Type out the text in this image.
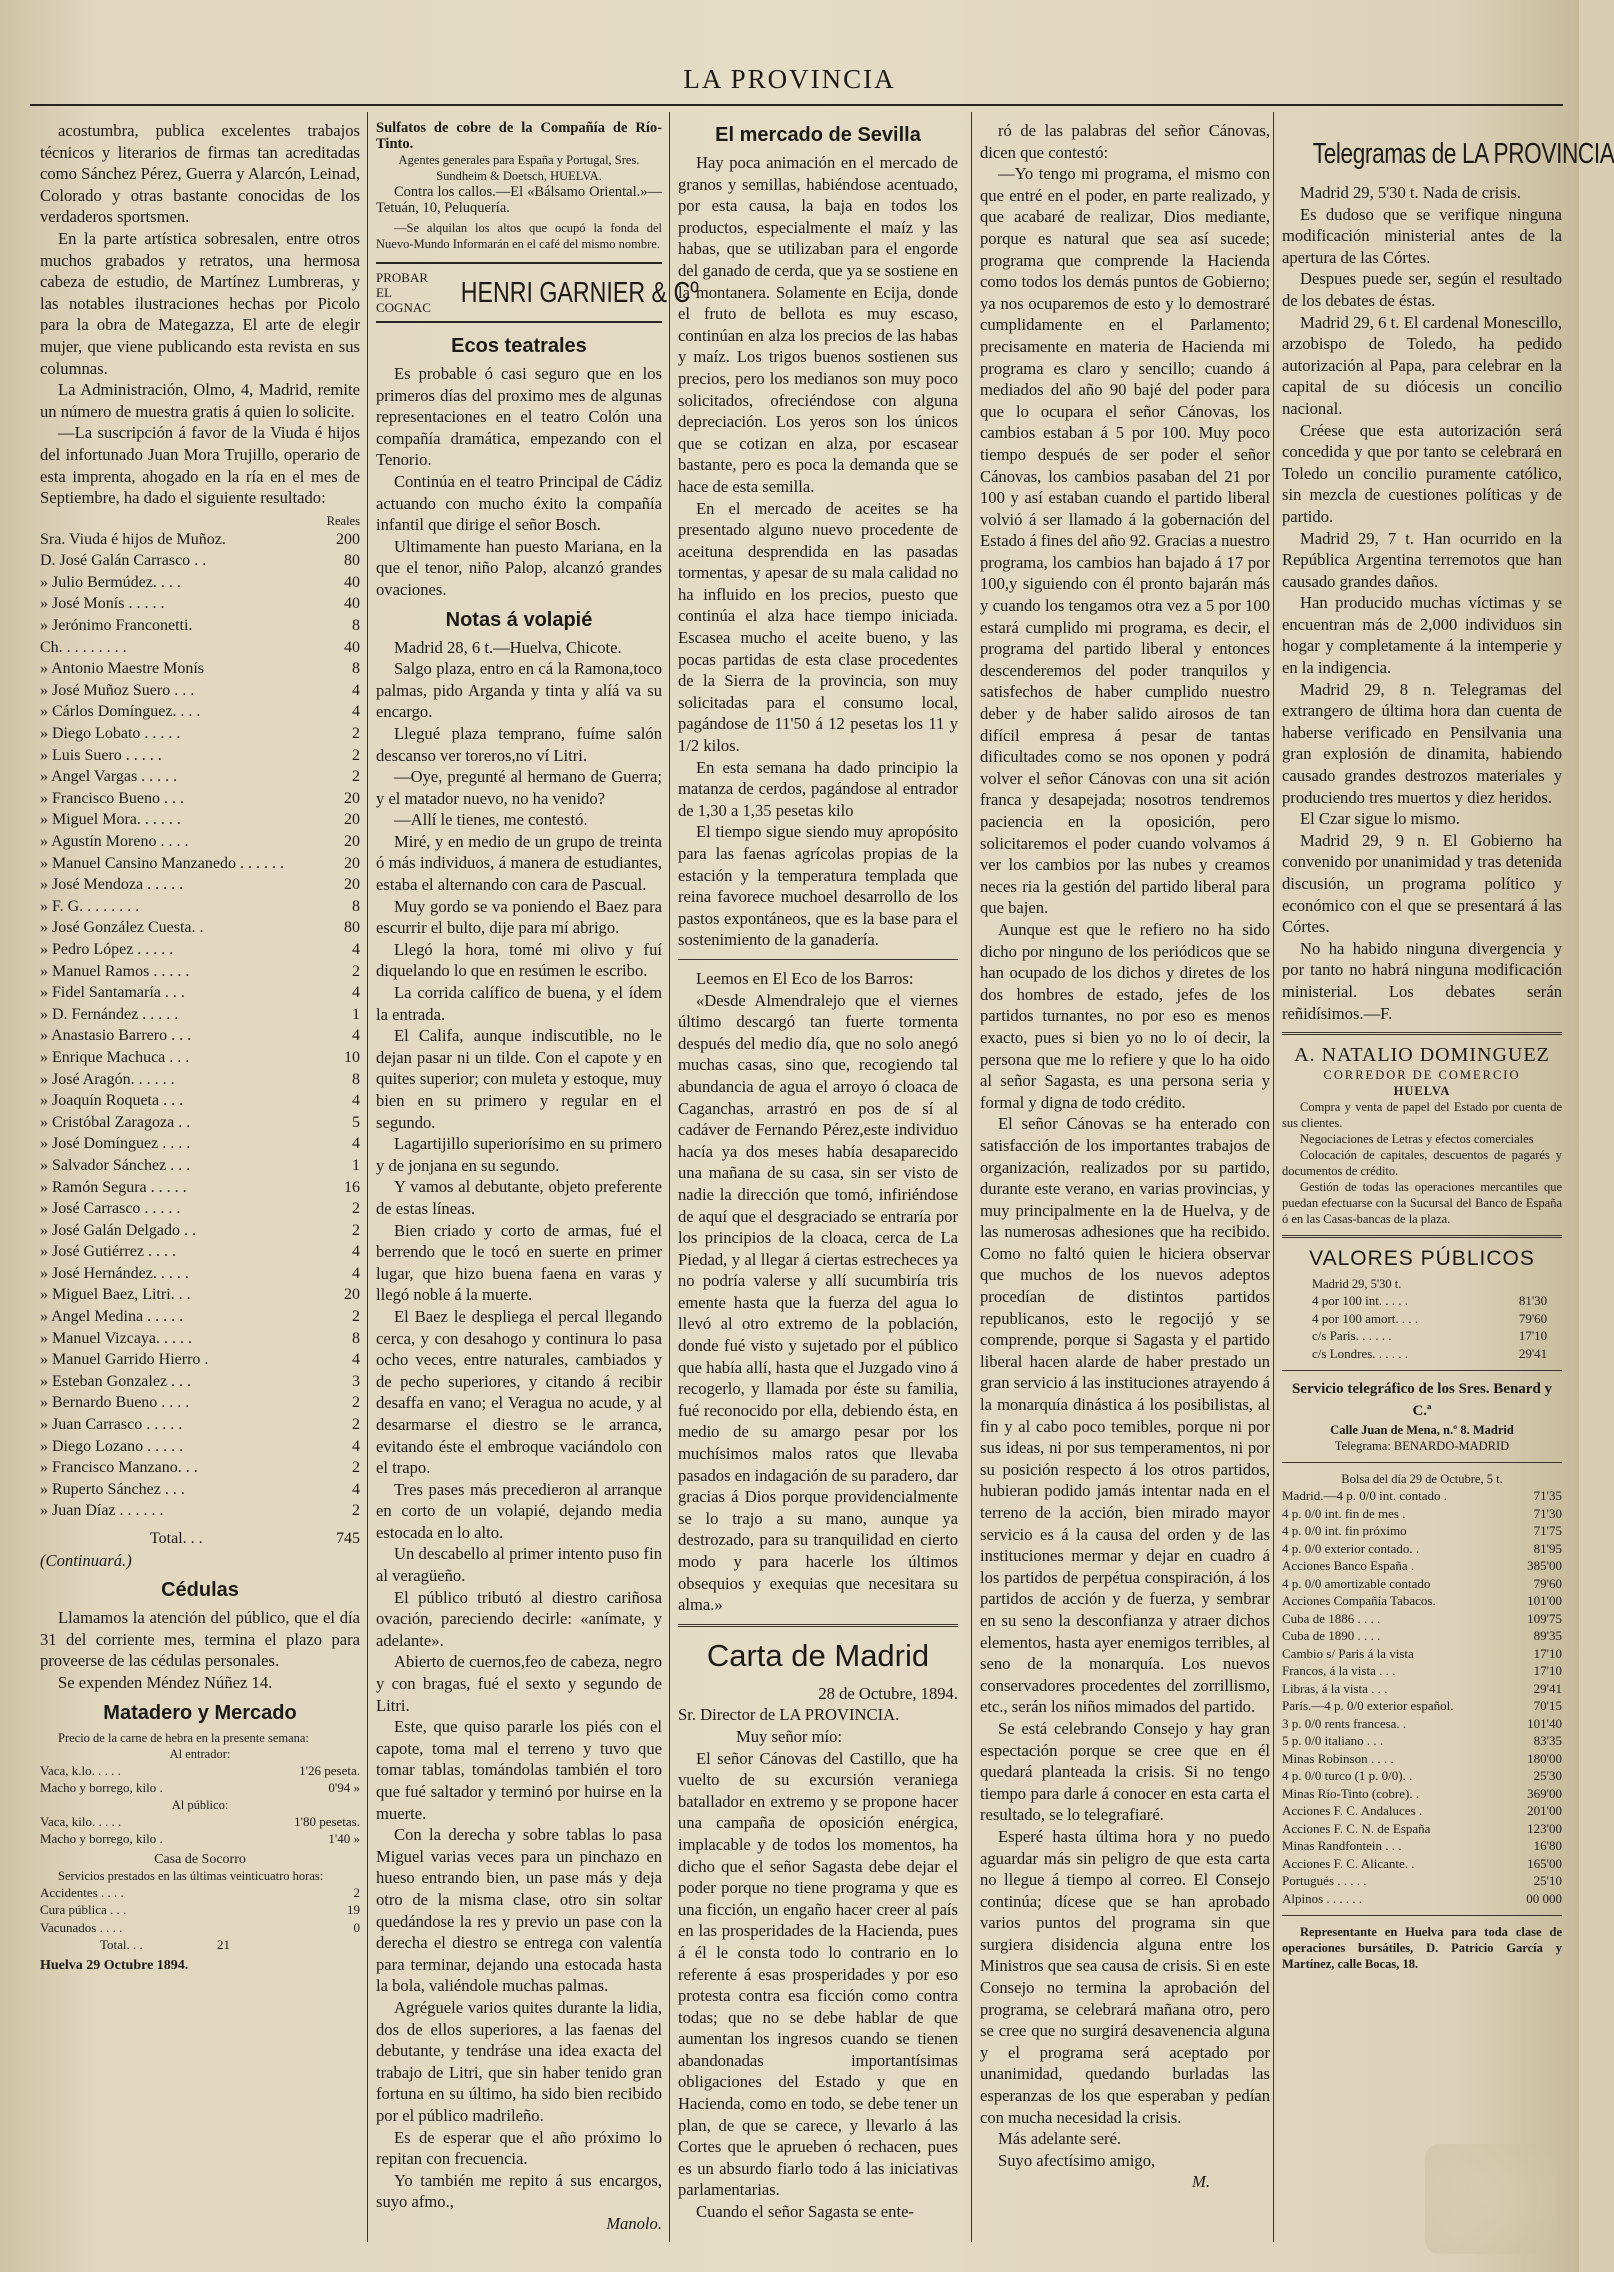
LA PROVINCIA

acostumbra, publica excelentes trabajos técnicos y literarios de firmas tan acreditadas como Sánchez Pérez, Guerra y Alarcón, Leinad, Colorado y otras bastante conocidas de los verdaderos sportsmen.

En la parte artística sobresalen, entre otros muchos grabados y retratos, una hermosa cabeza de estudio, de Martínez Lumbreras, y las notables ilustraciones hechas por Picolo para la obra de Mategazza, El arte de elegir mujer, que viene publicando esta revista en sus columnas.

La Administración, Olmo, 4, Madrid, remite un número de muestra gratis á quien lo solicite.

—La suscripción á favor de la Viuda é hijos del infortunado Juan Mora Trujillo, operario de esta imprenta, ahogado en la ría en el mes de Septiembre, ha dado el siguiente resultado:

Reales
Sra. Viuda é hijos de Muñoz.	200
D. José Galán Carrasco . .	80
» Julio Bermúdez. . . .	40
» José Monís . . . . .	40
» Jerónimo Franconetti.	8
Ch. . . . . . . . .	40
» Antonio Maestre Monís	8
» José Muñoz Suero . . .	4
» Cárlos Domínguez. . . .	4
» Diego Lobato . . . . .	2
» Luis Suero . . . . .	2
» Angel Vargas . . . . .	2
» Francisco Bueno . . .	20
» Miguel Mora. . . . . .	20
» Agustín Moreno . . . .	20
» Manuel Cansino Manzanedo . . . . . .	20
» José Mendoza . . . . .	20
» F. G. . . . . . . .	8
» José González Cuesta. .	80
» Pedro López . . . . .	4
» Manuel Ramos . . . . .	2
» Fidel Santamaría . . .	4
» D. Fernández . . . . .	1
» Anastasio Barrero . . .	4
» Enrique Machuca . . .	10
» José Aragón. . . . . .	8
» Joaquín Roqueta . . .	4
» Cristóbal Zaragoza . .	5
» José Domínguez . . . .	4
» Salvador Sánchez . . .	1
» Ramón Segura . . . . .	16
» José Carrasco . . . . .	2
» José Galán Delgado . .	2
» José Gutiérrez . . . .	4
» José Hernández. . . . .	4
» Miguel Baez, Litri. . .	20
» Angel Medina . . . . .	2
» Manuel Vizcaya. . . . .	8
» Manuel Garrido Hierro .	4
» Esteban Gonzalez . . .	3
» Bernardo Bueno . . . .	2
» Juan Carrasco . . . . .	2
» Diego Lozano . . . . .	4
» Francisco Manzano. . .	2
» Ruperto Sánchez . . .	4
» Juan Díaz . . . . . .	2
Total. . .	745

(Continuará.)

Cédulas

Llamamos la atención del público, que el día 31 del corriente mes, termina el plazo para proveerse de las cédulas personales.

Se expenden Méndez Núñez 14.

Matadero y Mercado

Precio de la carne de hebra en la presente semana:

Al entrador:
Vaca, k.lo. . . . .	1'26 peseta.
Macho y borrego, kilo .	0'94 »
Al público:
Vaca, kilo. . . . .	1'80 pesetas.
Macho y borrego, kilo .	1'40 »
Casa de Socorro

Servicios prestados en las últimas veinticuatro horas:

Accidentes . . . .	2
Cura pública . . .	19
Vacunados . . . .	0
Total. . .	21
Huelva 29 Octubre 1894.

Sulfatos de cobre de la Compañía de Río-Tinto.

Agentes generales para España y Portugal, Sres. Sundheim & Doetsch, HUELVA.

Contra los callos.—El «Bálsamo Oriental.»—Tetuán, 10, Peluquería.

—Se alquilan los altos que ocupó la fonda del Nuevo-Mundo Informarán en el café del mismo nombre.

PROBAR
EL
COGNAC HENRI GARNIER & Cº
Ecos teatrales

Es probable ó casi seguro que en los primeros días del proximo mes de algunas representaciones en el teatro Colón una compañía dramática, empezando con el Tenorio.

Continúa en el teatro Principal de Cádiz actuando con mucho éxito la compañía infantil que dirige el señor Bosch.

Ultimamente han puesto Mariana, en la que el tenor, niño Palop, alcanzó grandes ovaciones.

Notas á volapié

Madrid 28, 6 t.—Huelva, Chicote.

Salgo plaza, entro en cá la Ramona,toco palmas, pido Arganda y tinta y alíá va su encargo.

Llegué plaza temprano, fuíme salón descanso ver toreros,no ví Litri.

—Oye, pregunté al hermano de Guerra; y el matador nuevo, no ha venido?

—Allí le tienes, me contestó.

Miré, y en medio de un grupo de treinta ó más individuos, á manera de estudiantes, estaba el alternando con cara de Pascual.

Muy gordo se va poniendo el Baez para escurrir el bulto, dije para mí abrigo.

Llegó la hora, tomé mi olivo y fuí diquelando lo que en resúmen le escribo.

La corrida calífico de buena, y el ídem la entrada.

El Califa, aunque indiscutible, no le dejan pasar ni un tilde. Con el capote y en quites superior; con muleta y estoque, muy bien en su primero y regular en el segundo.

Lagartijillo superiorísimo en su primero y de jonjana en su segundo.

Y vamos al debutante, objeto preferente de estas líneas.

Bien criado y corto de armas, fué el berrendo que le tocó en suerte en primer lugar, que hizo buena faena en varas y llegó noble á la muerte.

El Baez le despliega el percal llegando cerca, y con desahogo y continura lo pasa ocho veces, entre naturales, cambiados y de pecho superiores, y citando á recibir desaffa en vano; el Veragua no acude, y al desarmarse el diestro se le arranca, evitando éste el embroque vaciándolo con el trapo.

Tres pases más precedieron al arranque en corto de un volapié, dejando media estocada en lo alto.

Un descabello al primer intento puso fin al veragüeño.

El público tributó al diestro cariñosa ovación, pareciendo decirle: «anímate, y adelante».

Abierto de cuernos,feo de cabeza, negro y con bragas, fué el sexto y segundo de Litri.

Este, que quiso pararle los piés con el capote, toma mal el terreno y tuvo que tomar tablas, tomándolas también el toro que fué saltador y terminó por huirse en la muerte.

Con la derecha y sobre tablas lo pasa Miguel varias veces para un pinchazo en hueso entrando bien, un pase más y deja otro de la misma clase, otro sin soltar quedándose la res y previo un pase con la derecha el diestro se entrega con valentía para terminar, dejando una estocada hasta la bola, valiéndole muchas palmas.

Agréguele varios quites durante la lidia, dos de ellos superiores, a las faenas del debutante, y tendráse una idea exacta del trabajo de Litri, que sin haber tenido gran fortuna en su último, ha sido bien recibido por el público madrileño.

Es de esperar que el año próximo lo repitan con frecuencia.

Yo también me repito á sus encargos, suyo afmo.,

Manolo.

El mercado de Sevilla

Hay poca animación en el mercado de granos y semillas, habiéndose acentuado, por esta causa, la baja en todos los productos, especialmente el maíz y las habas, que se utilizaban para el engorde del ganado de cerda, que ya se sostiene en la montanera. Solamente en Ecija, donde el fruto de bellota es muy escaso, continúan en alza los precios de las habas y maíz. Los trigos buenos sostienen sus precios, pero los medianos son muy poco solicitados, ofreciéndose con alguna depreciación. Los yeros son los únicos que se cotizan en alza, por escasear bastante, pero es poca la demanda que se hace de esta semilla.

En el mercado de aceites se ha presentado alguno nuevo procedente de aceituna desprendida en las pasadas tormentas, y apesar de su mala calidad no ha influido en los precios, puesto que continúa el alza hace tiempo iniciada. Escasea mucho el aceite bueno, y las pocas partidas de esta clase procedentes de la Sierra de la provincia, son muy solicitadas para el consumo local, pagándose de 11'50 á 12 pesetas los 11 y 1/2 kilos.

En esta semana ha dado principio la matanza de cerdos, pagándose al entrador de 1,30 a 1,35 pesetas kilo

El tiempo sigue siendo muy apropósito para las faenas agrícolas propias de la estación y la temperatura templada que reina favorece muchoel desarrollo de los pastos expontáneos, que es la base para el sostenimiento de la ganadería.

Leemos en El Eco de los Barros:

«Desde Almendralejo que el viernes último descargó tan fuerte tormenta después del medio día, que no solo anegó muchas casas, sino que, recogiendo tal abundancia de agua el arroyo ó cloaca de Caganchas, arrastró en pos de sí al cadáver de Fernando Pérez,este individuo hacía ya dos meses había desaparecido una mañana de su casa, sin ser visto de nadie la dirección que tomó, infiriéndose de aquí que el desgraciado se entraría por los principios de la cloaca, cerca de La Piedad, y al llegar á ciertas estrecheces ya no podría valerse y allí sucumbiría tris emente hasta que la fuerza del agua lo llevó al otro extremo de la población, donde fué visto y sujetado por el público que había allí, hasta que el Juzgado vino á recogerlo, y llamada por éste su familia, fué reconocido por ella, debiendo ésta, en medio de su amargo pesar por los muchísimos malos ratos que llevaba pasados en indagación de su paradero, dar gracias á Dios porque providencialmente se lo trajo a su mano, aunque ya destrozado, para su tranquilidad en cierto modo y para hacerle los últimos obsequios y exequias que necesitara su alma.»

Carta de Madrid

28 de Octubre, 1894.

Sr. Director de LA PROVINCIA.

Muy señor mío:

El señor Cánovas del Castillo, que ha vuelto de su excursión veraniega batallador en extremo y se propone hacer una campaña de oposición enérgica, implacable y de todos los momentos, ha dicho que el señor Sagasta debe dejar el poder porque no tiene programa y que es una ficción, un engaño hacer creer al país en las prosperidades de la Hacienda, pues á él le consta todo lo contrario en lo referente á esas prosperidades y por eso protesta contra esa ficción como contra todas; que no se debe hablar de que aumentan los ingresos cuando se tienen abandonadas importantísimas obligaciones del Estado y que en Hacienda, como en todo, se debe tener un plan, de que se carece, y llevarlo á las Cortes que le aprueben ó rechacen, pues es un absurdo fiarlo todo á las iniciativas parlamentarias.

Cuando el señor Sagasta se ente-

ró de las palabras del señor Cánovas, dicen que contestó:

—Yo tengo mi programa, el mismo con que entré en el poder, en parte realizado, y que acabaré de realizar, Dios mediante, porque es natural que sea así sucede; programa que comprende la Hacienda como todos los demás puntos de Gobierno; ya nos ocuparemos de esto y lo demostraré cumplidamente en el Parlamento; precisamente en materia de Hacienda mi programa es claro y sencillo; cuando á mediados del año 90 bajé del poder para que lo ocupara el señor Cánovas, los cambios estaban á 5 por 100. Muy poco tiempo después de ser poder el señor Cánovas, los cambios pasaban del 21 por 100 y así estaban cuando el partido liberal volvió á ser llamado á la gobernación del Estado á fines del año 92. Gracias a nuestro programa, los cambios han bajado á 17 por 100,y siguiendo con él pronto bajarán más y cuando los tengamos otra vez a 5 por 100 estará cumplido mi programa, es decir, el programa del partido liberal y entonces descenderemos del poder tranquilos y satisfechos de haber cumplido nuestro deber y de haber salido airosos de tan difícil empresa á pesar de tantas dificultades como se nos oponen y podrá volver el señor Cánovas con una sit ación franca y desapejada; nosotros tendremos paciencia en la oposición, pero solicitaremos el poder cuando volvamos á ver los cambios por las nubes y creamos neces ria la gestión del partido liberal para que bajen.

Aunque est que le refiero no ha sido dicho por ninguno de los periódicos que se han ocupado de los dichos y diretes de los dos hombres de estado, jefes de los partidos turnantes, no por eso es menos exacto, pues si bien yo no lo oí decir, la persona que me lo refiere y que lo ha oido al señor Sagasta, es una persona seria y formal y digna de todo crédito.

El señor Cánovas se ha enterado con satisfacción de los importantes trabajos de organización, realizados por su partido, durante este verano, en varias provincias, y muy principalmente en la de Huelva, y de las numerosas adhesiones que ha recibido. Como no faltó quien le hiciera observar que muchos de los nuevos adeptos procedían de distintos partidos republicanos, esto le regocijó y se comprende, porque si Sagasta y el partido liberal hacen alarde de haber prestado un gran servicio á las instituciones atrayendo á la monarquía dinástica á los posibilistas, al fin y al cabo poco temibles, porque ni por sus ideas, ni por sus temperamentos, ni por su posición respecto á los otros partidos, hubieran podido jamás intentar nada en el terreno de la acción, bien mirado mayor servicio es á la causa del orden y de las instituciones mermar y dejar en cuadro á los partidos de perpétua conspiración, á los partidos de acción y de fuerza, y sembrar en su seno la desconfianza y atraer dichos elementos, hasta ayer enemigos terribles, al seno de la monarquía. Los nuevos conservadores procedentes del zorrillismo, etc., serán los niños mimados del partido.

Se está celebrando Consejo y hay gran espectación porque se cree que en él quedará planteada la crisis. Si no tengo tiempo para darle á conocer en esta carta el resultado, se lo telegrafiaré.

Esperé hasta última hora y no puedo aguardar más sin peligro de que esta carta no llegue á tiempo al correo. El Consejo continúa; dícese que se han aprobado varios puntos del programa sin que surgiera disidencia alguna entre los Ministros que sea causa de crisis. Si en este Consejo no termina la aprobación del programa, se celebrará mañana otro, pero se cree que no surgirá desavenencia alguna y el programa será aceptado por unanimidad, quedando burladas las esperanzas de los que esperaban y pedían con mucha necesidad la crisis.

Más adelante seré.

Suyo afectísimo amigo,

M.

Telegramas de LA PROVINCIA

Madrid 29, 5'30 t. Nada de crisis.

Es dudoso que se verifique ninguna modificación ministerial antes de la apertura de las Córtes.

Despues puede ser, según el resultado de los debates de éstas.

Madrid 29, 6 t. El cardenal Monescillo, arzobispo de Toledo, ha pedido autorización al Papa, para celebrar en la capital de su diócesis un concilio nacional.

Créese que esta autorización será concedida y que por tanto se celebrará en Toledo un concilio puramente católico, sin mezcla de cuestiones políticas y de partido.

Madrid 29, 7 t. Han ocurrido en la República Argentina terremotos que han causado grandes daños.

Han producido muchas víctimas y se encuentran más de 2,000 individuos sin hogar y completamente á la intemperie y en la indigencia.

Madrid 29, 8 n. Telegramas del extrangero de última hora dan cuenta de haberse verificado en Pensilvania una gran explosión de dinamita, habiendo causado grandes destrozos materiales y produciendo tres muertos y diez heridos.

El Czar sigue lo mismo.

Madrid 29, 9 n. El Gobierno ha convenido por unanimidad y tras detenida discusión, un programa político y económico con el que se presentará á las Córtes.

No ha habido ninguna divergencia y por tanto no habrá ninguna modificación ministerial. Los debates serán reñidísimos.—F.

A. NATALIO DOMINGUEZ
CORREDOR DE COMERCIO
HUELVA

Compra y venta de papel del Estado por cuenta de sus clientes.

Negociaciones de Letras y efectos comerciales

Colocación de capitales, descuentos de pagarés y documentos de crédito.

Gestión de todas las operaciones mercantiles que puedan efectuarse con la Sucursal del Banco de España ó en las Casas-bancas de la plaza.

VALORES PÚBLICOS
Madrid 29, 5'30 t.
4 por 100 int. . . . .	81'30
4 por 100 amort. . . .	79'60
c/s Paris. . . . . .	17'10
c/s Londres. . . . . .	29'41
Servicio telegráfico de los Sres. Benard y C.ª
Calle Juan de Mena, n.º 8. Madrid
Telegrama: BENARDO-MADRID
Bolsa del día 29 de Octubre, 5 t.
Madrid.—4 p. 0/0 int. contado .	71'35
4 p. 0/0 int. fin de mes .	71'30
4 p. 0/0 int. fin próximo	71'75
4 p. 0/0 exterior contado. .	81'95
Acciones Banco España .	385'00
4 p. 0/0 amortizable contado	79'60
Acciones Compañía Tabacos.	101'00
Cuba de 1886 . . . .	109'75
Cuba de 1890 . . . .	89'35
Cambio s/ Paris á la vista	17'10
Francos, á la vista . . .	17'10
Libras, á la vista . . .	29'41
París.—4 p. 0/0 exterior español.	70'15
3 p. 0/0 rents francesa. .	101'40
5 p. 0/0 italiano . . .	83'35
Minas Robinson . . . .	180'00
4 p. 0/0 turco (1 p. 0/0). .	25'30
Minas Río-Tinto (cobre). .	369'00
Acciones F. C. Andaluces .	201'00
Acciones F. C. N. de España	123'00
Minas Randfontein . . .	16'80
Acciones F. C. Alicante. .	165'00
Portugués . . . . .	25'10
Alpinos . . . . . .	00 000

Representante en Huelva para toda clase de operaciones bursátiles, D. Patricio García y Martínez, calle Bocas, 18.
